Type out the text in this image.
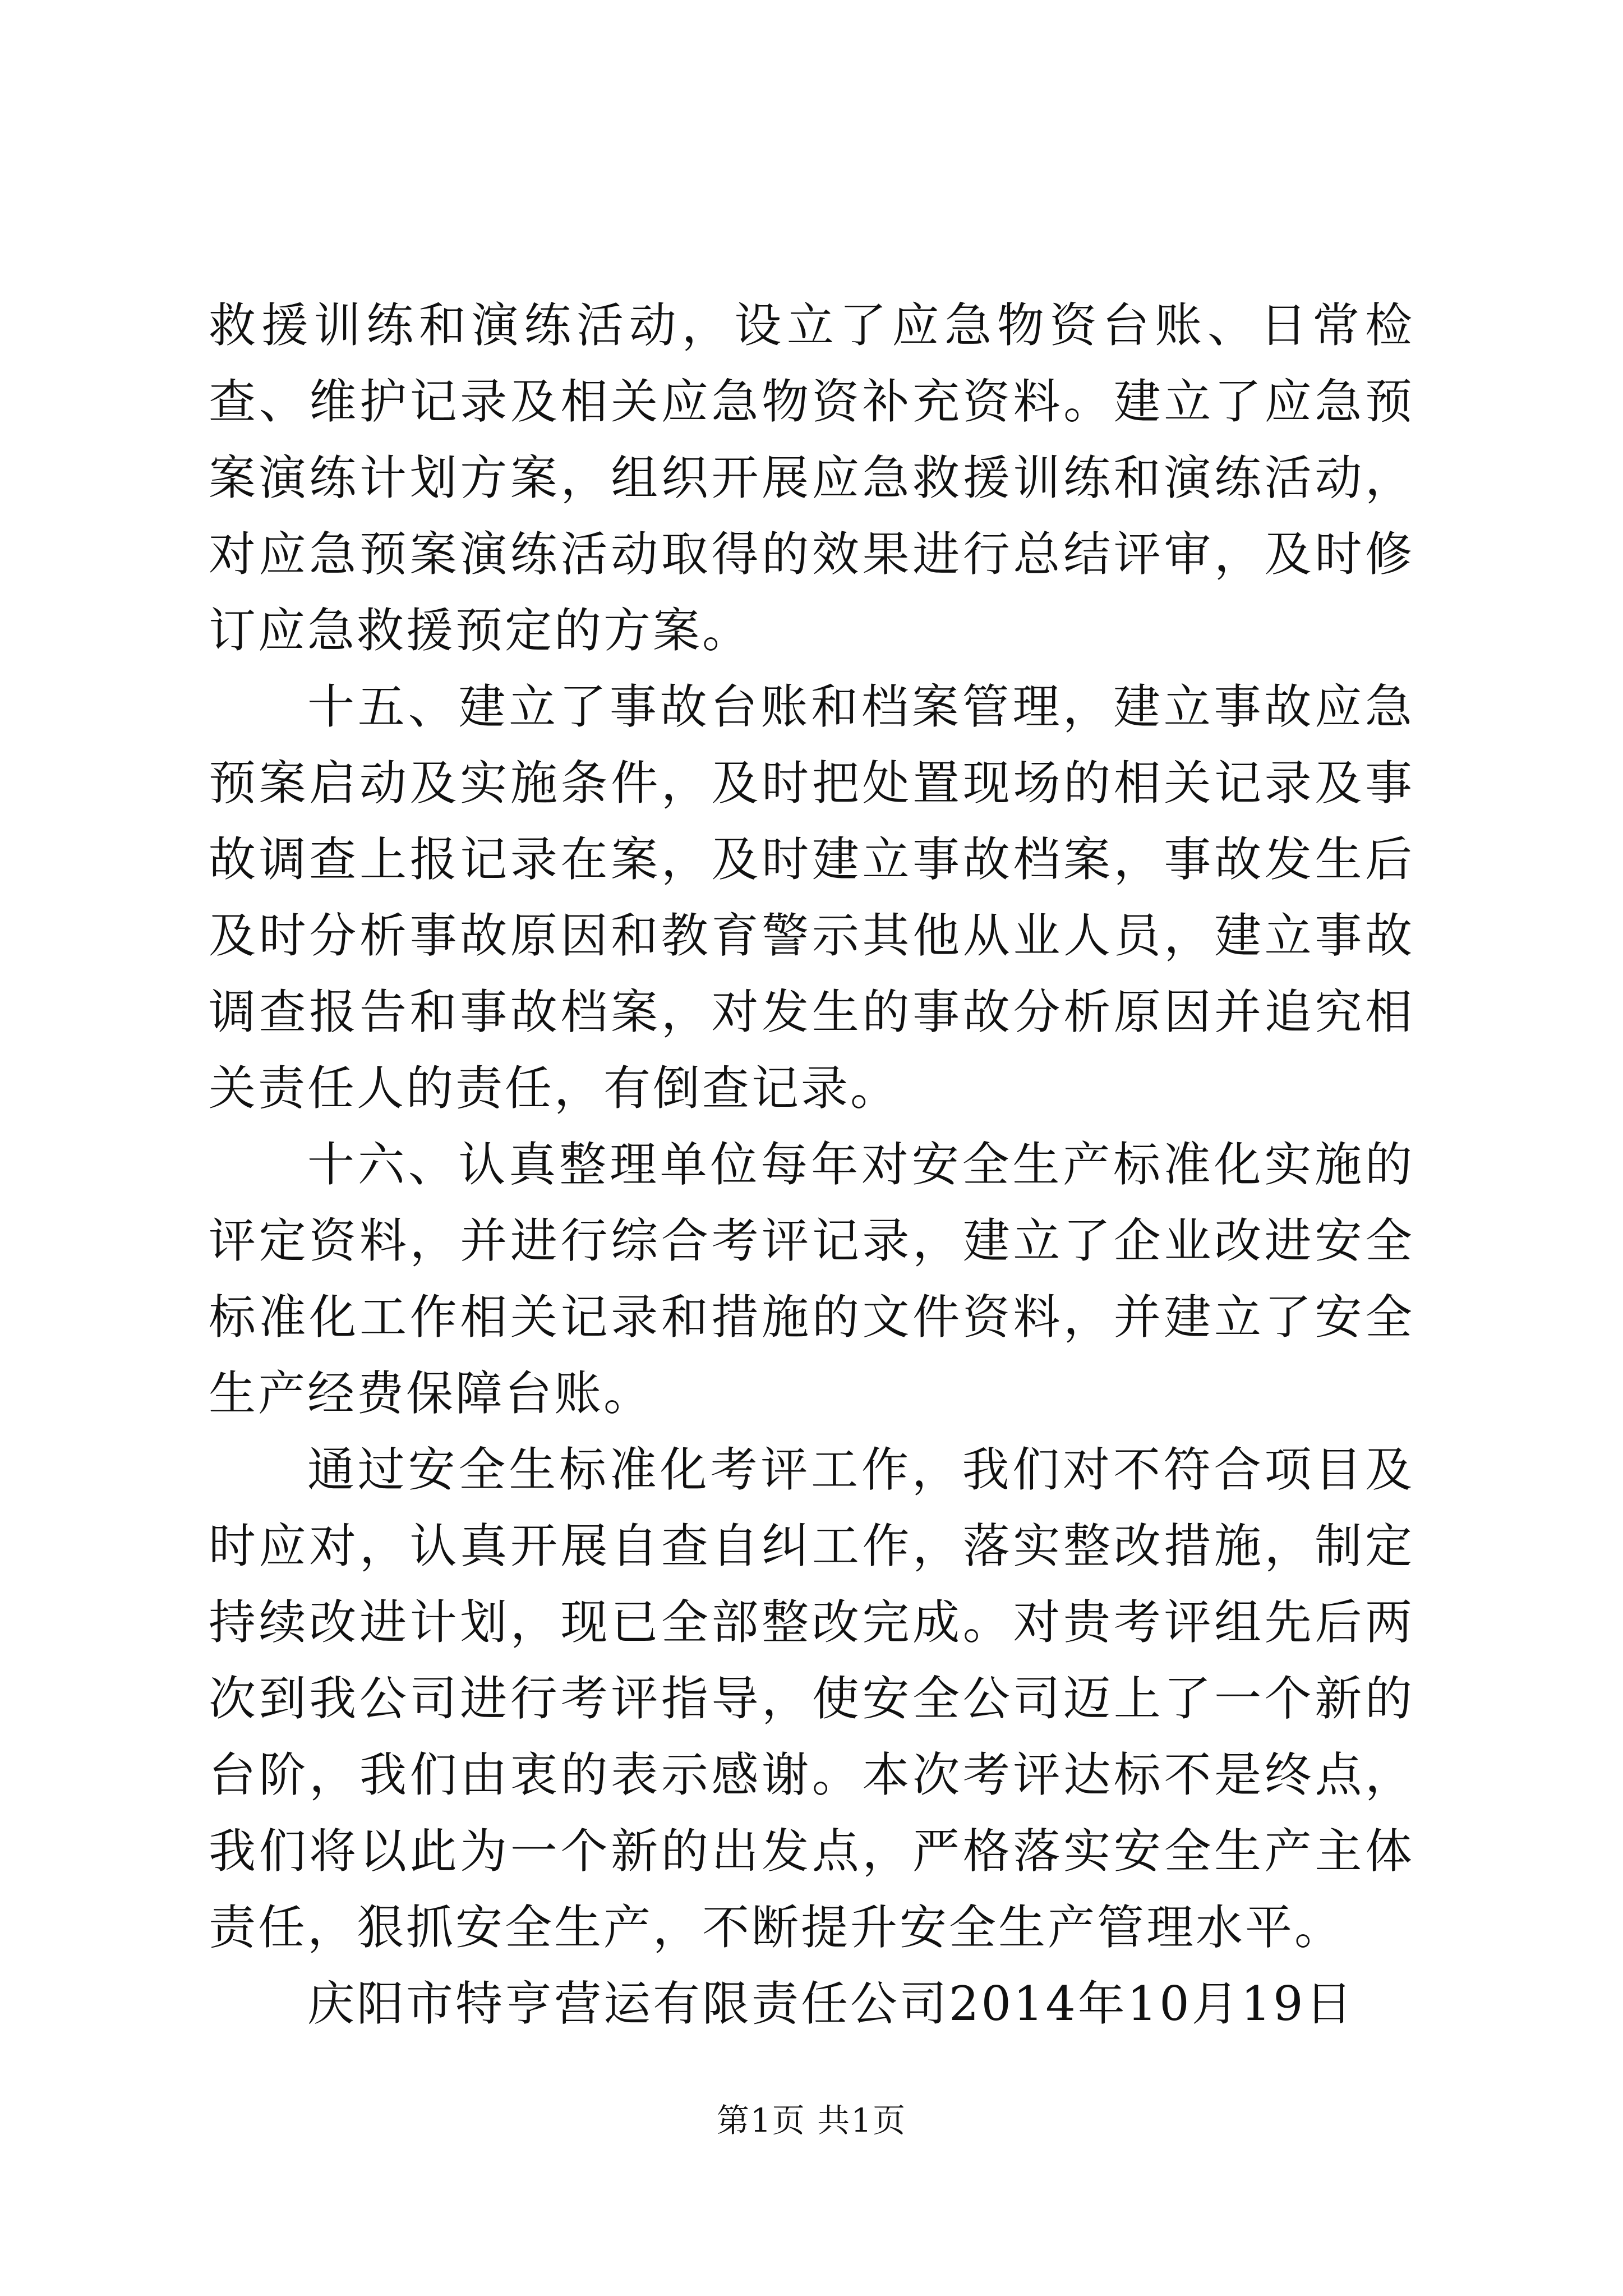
救援训练和演练活动，设立了应急物资台账、日常检查、维护记录及相关应急物资补充资料。建立了应急预案演练计划方案，组织开展应急救援训练和演练活动，对应急预案演练活动取得的效果进行总结评审，及时修订应急救援预定的方案。

十五、建立了事故台账和档案管理，建立事故应急预案启动及实施条件，及时把处置现场的相关记录及事故调查上报记录在案，及时建立事故档案，事故发生后及时分析事故原因和教育警示其他从业人员，建立事故调查报告和事故档案，对发生的事故分析原因并追究相关责任人的责任，有倒查记录。

十六、认真整理单位每年对安全生产标准化实施的评定资料，并进行综合考评记录，建立了企业改进安全标准化工作相关记录和措施的文件资料，并建立了安全生产经费保障台账。

通过安全生标准化考评工作，我们对不符合项目及时应对，认真开展自查自纠工作，落实整改措施，制定持续改进计划，现已全部整改完成。对贵考评组先后两次到我公司进行考评指导，使安全公司迈上了一个新的台阶，我们由衷的表示感谢。本次考评达标不是终点，我们将以此为一个新的出发点，严格落实安全生产主体责任，狠抓安全生产，不断提升安全生产管理水平。

庆阳市特亨营运有限责任公司2014年10月19日

第1页 共1页
